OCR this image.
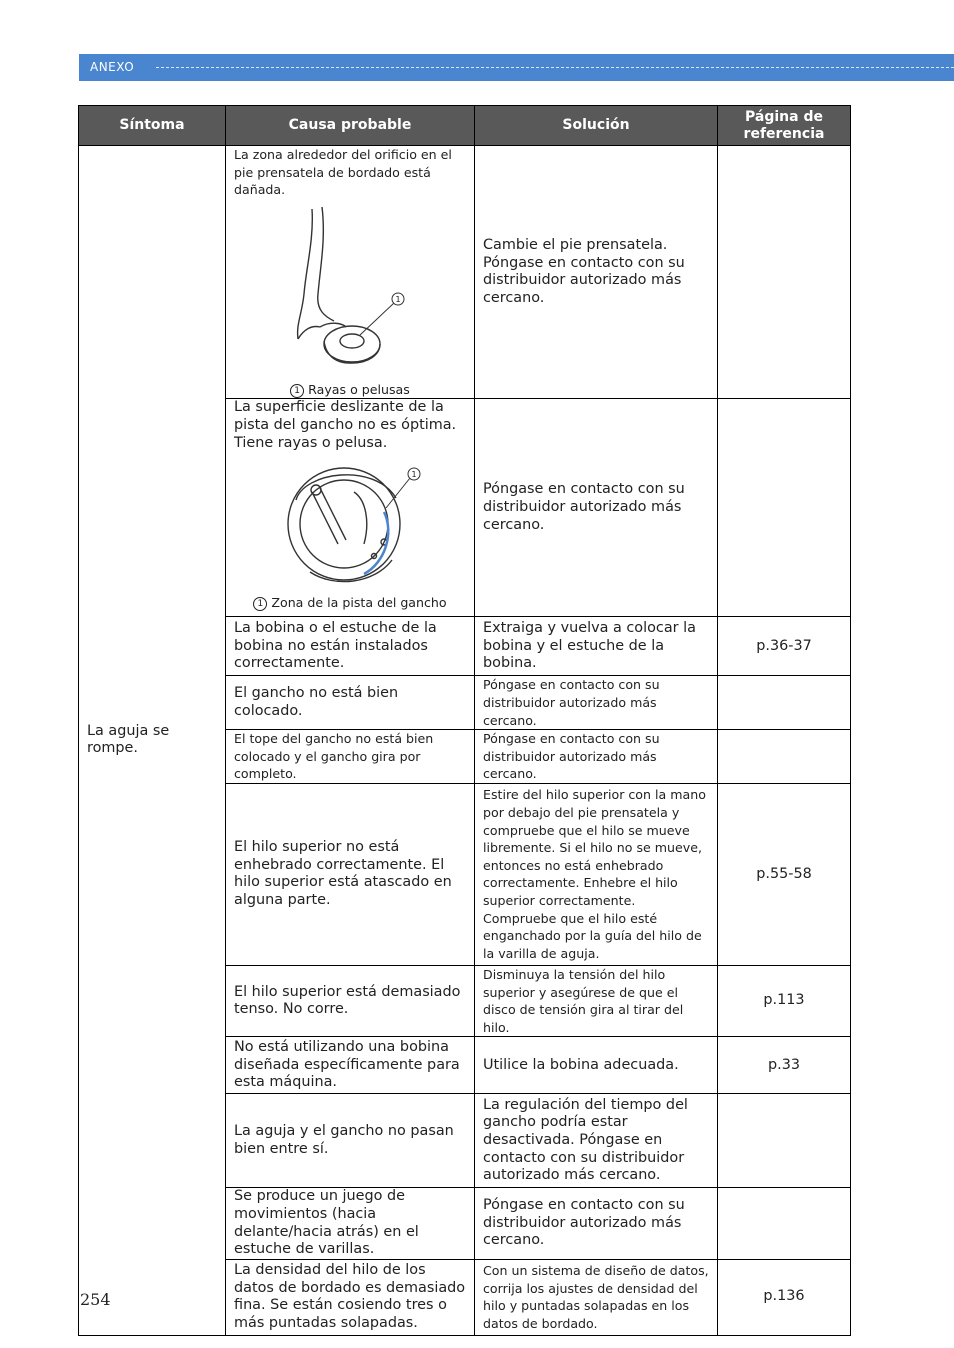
ANEXO
Síntoma	Causa probable	Solución	Página de
referencia
La aguja se rompe.	La zona alrededor del orificio en el pie prensatela de bordado está dañada.
1
1 Rayas o pelusas	Cambie el pie prensatela. Póngase en contacto con su distribuidor autorizado más cercano.	

	La superficie deslizante de la pista del gancho no es óptima. Tiene rayas o pelusa.
1
1 Zona de la pista del gancho	Póngase en contacto con su distribuidor autorizado más cercano.	
	La bobina o el estuche de la bobina no están instalados correctamente.	Extraiga y vuelva a colocar la bobina y el estuche de la bobina.	p.36-37
	El gancho no está bien colocado.	Póngase en contacto con su distribuidor autorizado más cercano.	
	El tope del gancho no está bien colocado y el gancho gira por completo.	Póngase en contacto con su distribuidor autorizado más cercano.	
	El hilo superior no está enhebrado correctamente. El hilo superior está atascado en alguna parte.	Estire del hilo superior con la mano por debajo del pie prensatela y compruebe que el hilo se mueve libremente. Si el hilo no se mueve, entonces no está enhebrado correctamente. Enhebre el hilo superior correctamente. Compruebe que el hilo esté enganchado por la guía del hilo de la varilla de aguja.	p.55-58
	El hilo superior está demasiado tenso. No corre.	Disminuya la tensión del hilo superior y asegúrese de que el disco de tensión gira al tirar del hilo.	p.113
	No está utilizando una bobina diseñada específicamente para esta máquina.	Utilice la bobina adecuada.	p.33
	La aguja y el gancho no pasan bien entre sí.	La regulación del tiempo del gancho podría estar desactivada. Póngase en contacto con su distribuidor autorizado más cercano.	
	Se produce un juego de movimientos (hacia delante/hacia atrás) en el estuche de varillas.	Póngase en contacto con su distribuidor autorizado más cercano.	
	La densidad del hilo de los datos de bordado es demasiado fina. Se están cosiendo tres o más puntadas solapadas.	Con un sistema de diseño de datos, corrija los ajustes de densidad del hilo y puntadas solapadas en los datos de bordado.	p.136
254
